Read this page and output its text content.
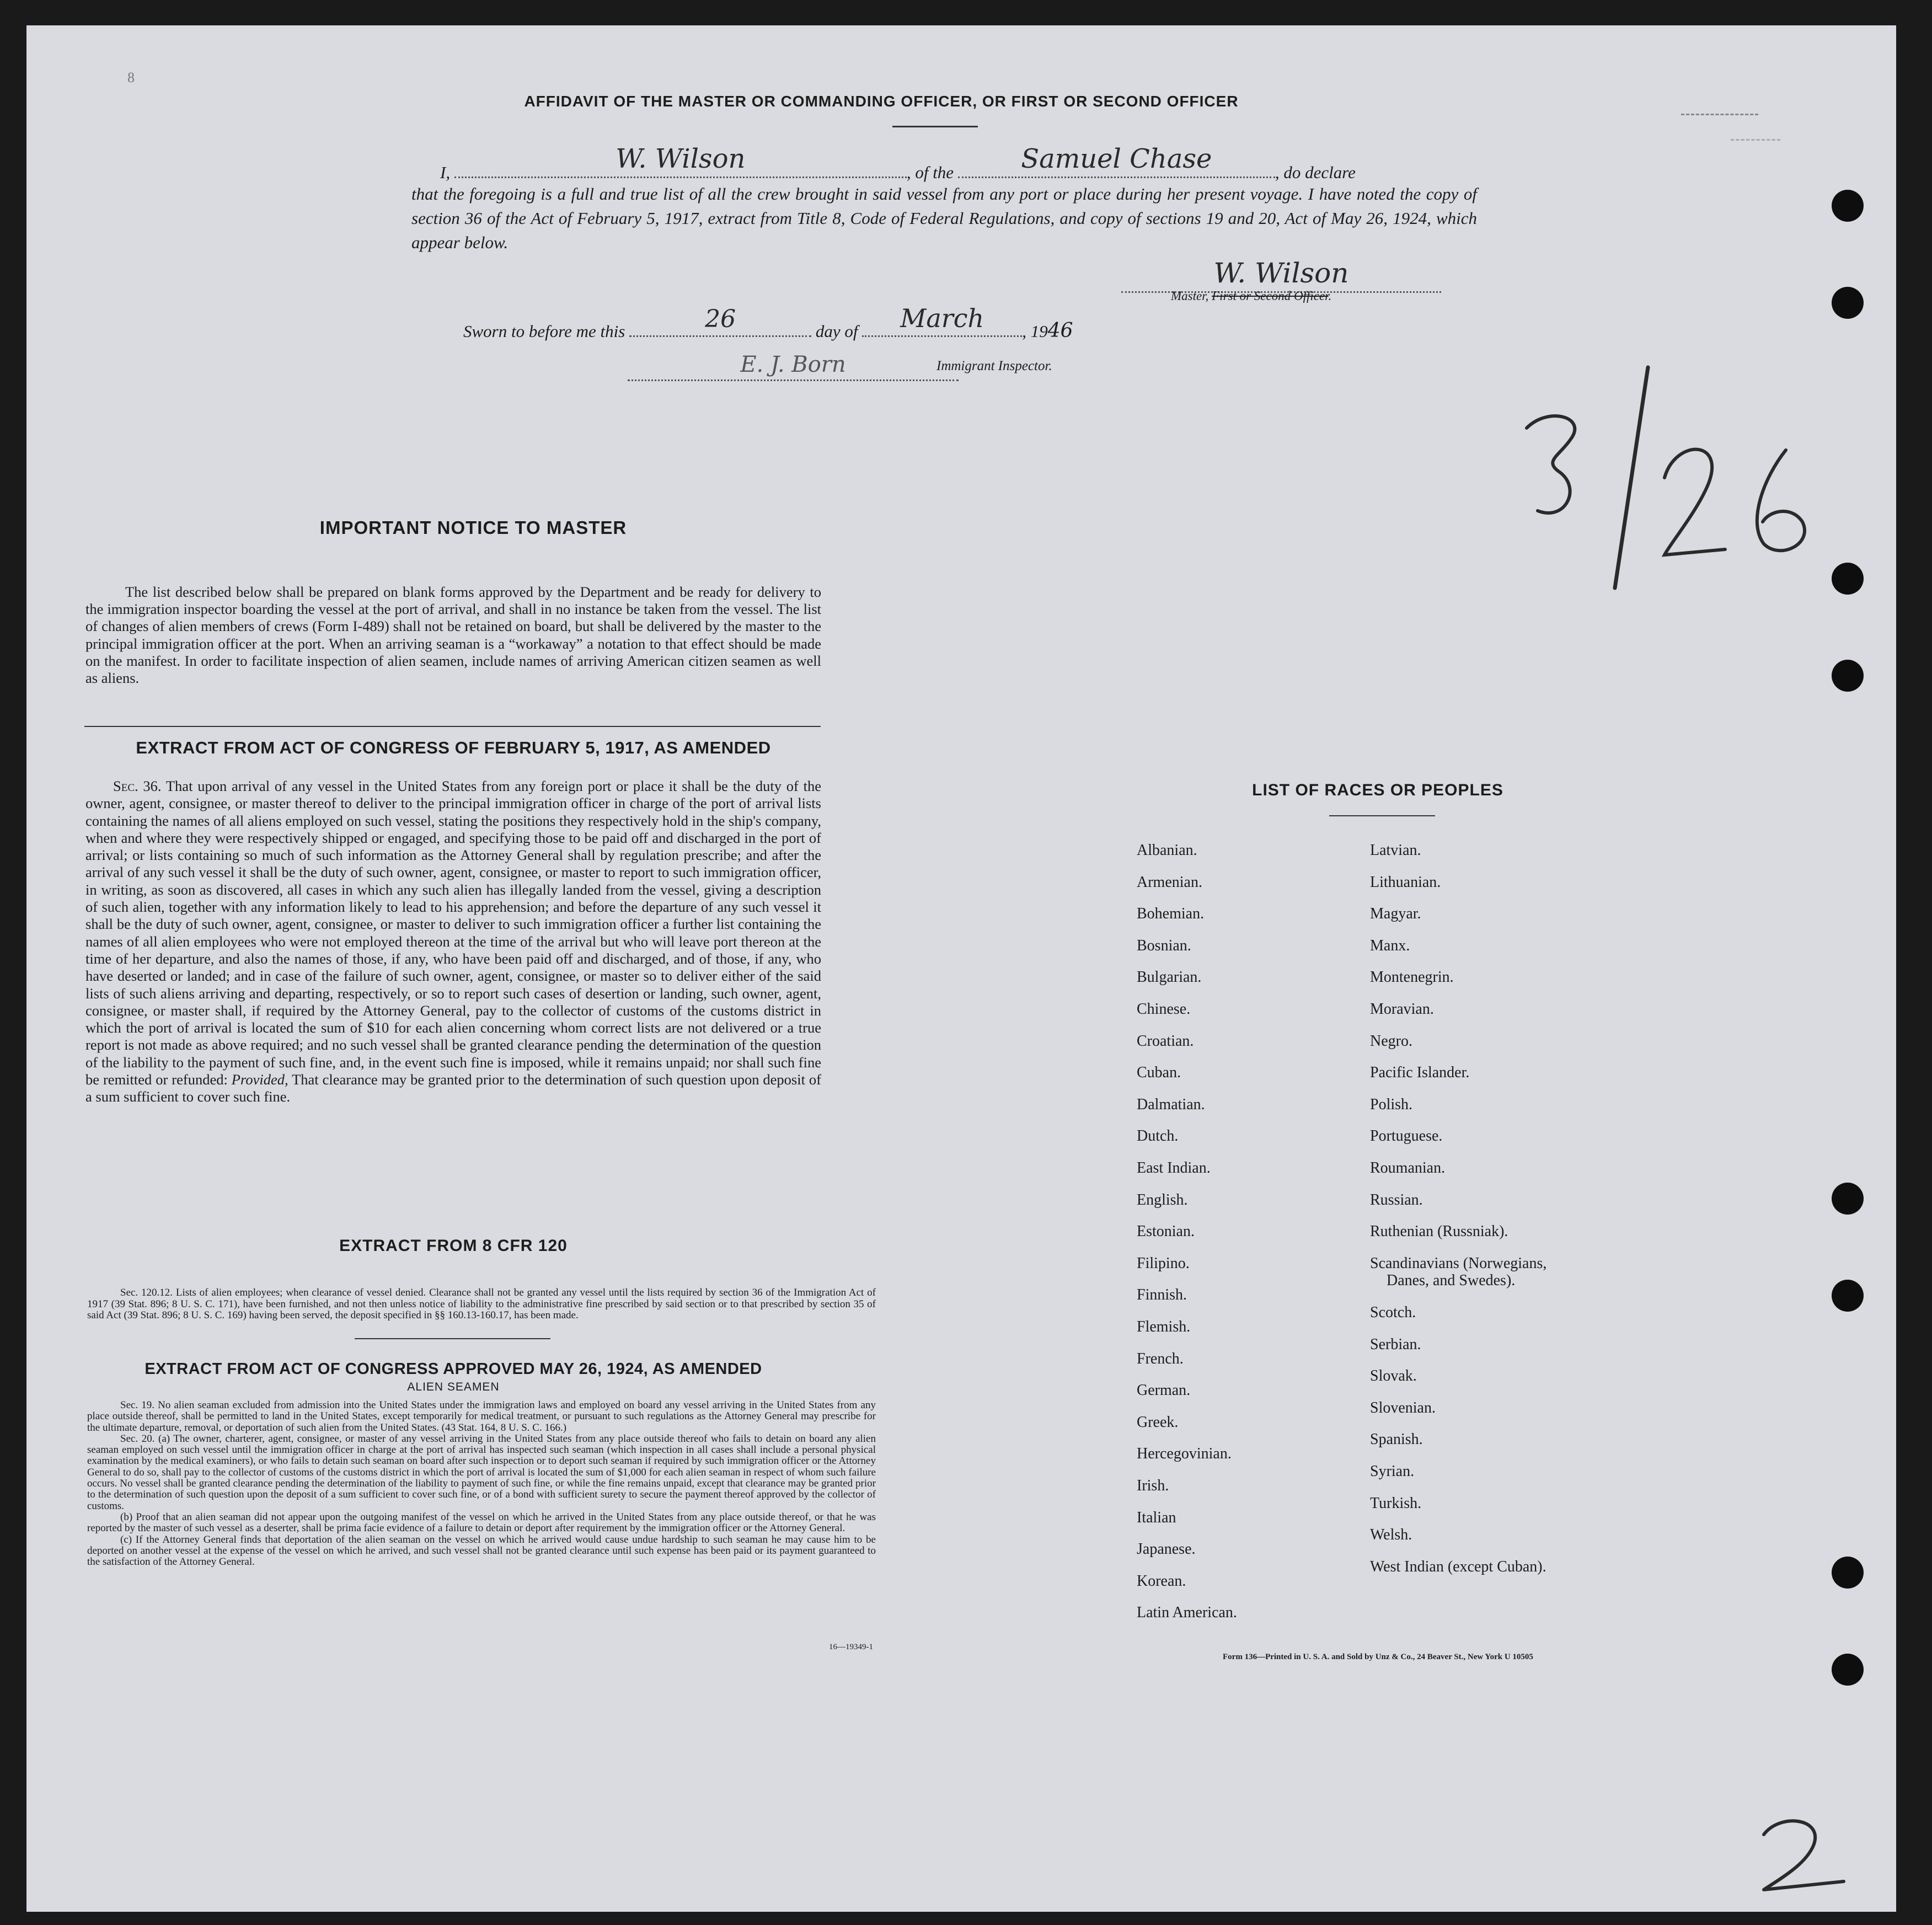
8
AFFIDAVIT OF THE MASTER OR COMMANDING OFFICER, OR FIRST OR SECOND OFFICER
I,	W. Wilson	, of the	Samuel Chase	, do declare
that the foregoing is a full and true list of all the crew brought in said vessel from any port or place during her present voyage. I have noted the copy of section 36 of the Act of February 5, 1917, extract from Title 8, Code of Federal Regulations, and copy of sections 19 and 20, Act of May 26, 1924, which appear below.
W. Wilson
Master, First or Second Officer.
Sworn to before me this	26	day of March , 1946
E. J. Born	Immigrant Inspector.
IMPORTANT NOTICE TO MASTER
The list described below shall be prepared on blank forms approved by the Department and be ready for delivery to the immigration inspector boarding the vessel at the port of arrival, and shall in no instance be taken from the vessel. The list of changes of alien members of crews (Form I-489) shall not be retained on board, but shall be delivered by the master to the principal immigration officer at the port. When an arriving seaman is a “workaway” a notation to that effect should be made on the manifest. In order to facilitate inspection of alien seamen, include names of arriving American citizen seamen as well as aliens.
EXTRACT FROM ACT OF CONGRESS OF FEBRUARY 5, 1917, AS AMENDED
Sec. 36. That upon arrival of any vessel in the United States from any foreign port or place it shall be the duty of the owner, agent, consignee, or master thereof to deliver to the principal immigration officer in charge of the port of arrival lists containing the names of all aliens employed on such vessel, stating the positions they respectively hold in the ship's company, when and where they were respectively shipped or engaged, and specifying those to be paid off and discharged in the port of arrival; or lists containing so much of such information as the Attorney General shall by regulation prescribe; and after the arrival of any such vessel it shall be the duty of such owner, agent, consignee, or master to report to such immigration officer, in writing, as soon as discovered, all cases in which any such alien has illegally landed from the vessel, giving a description of such alien, together with any information likely to lead to his apprehension; and before the departure of any such vessel it shall be the duty of such owner, agent, consignee, or master to deliver to such immigration officer a further list containing the names of all alien employees who were not employed thereon at the time of the arrival but who will leave port thereon at the time of her departure, and also the names of those, if any, who have been paid off and discharged, and of those, if any, who have deserted or landed; and in case of the failure of such owner, agent, consignee, or master so to deliver either of the said lists of such aliens arriving and departing, respectively, or so to report such cases of desertion or landing, such owner, agent, consignee, or master shall, if required by the Attorney General, pay to the collector of customs of the customs district in which the port of arrival is located the sum of $10 for each alien concerning whom correct lists are not delivered or a true report is not made as above required; and no such vessel shall be granted clearance pending the determination of the question of the liability to the payment of such fine, and, in the event such fine is imposed, while it remains unpaid; nor shall such fine be remitted or refunded: Provided, That clearance may be granted prior to the determination of such question upon deposit of a sum sufficient to cover such fine.
EXTRACT FROM 8 CFR 120
Sec. 120.12. Lists of alien employees; when clearance of vessel denied. Clearance shall not be granted any vessel until the lists required by section 36 of the Immigration Act of 1917 (39 Stat. 896; 8 U. S. C. 171), have been furnished, and not then unless notice of liability to the administrative fine prescribed by said section or to that prescribed by section 35 of said Act (39 Stat. 896; 8 U. S. C. 169) having been served, the deposit specified in §§ 160.13-160.17, has been made.
EXTRACT FROM ACT OF CONGRESS APPROVED MAY 26, 1924, AS AMENDED
ALIEN SEAMEN
Sec. 19. No alien seaman excluded from admission into the United States under the immigration laws and employed on board any vessel arriving in the United States from any place outside thereof, shall be permitted to land in the United States, except temporarily for medical treatment, or pursuant to such regulations as the Attorney General may prescribe for the ultimate departure, removal, or deportation of such alien from the United States. (43 Stat. 164, 8 U. S. C. 166.)
Sec. 20. (a) The owner, charterer, agent, consignee, or master of any vessel arriving in the United States from any place outside thereof who fails to detain on board any alien seaman employed on such vessel until the immigration officer in charge at the port of arrival has inspected such seaman (which inspection in all cases shall include a personal physical examination by the medical examiners), or who fails to detain such seaman on board after such inspection or to deport such seaman if required by such immigration officer or the Attorney General to do so, shall pay to the collector of customs of the customs district in which the port of arrival is located the sum of $1,000 for each alien seaman in respect of whom such failure occurs. No vessel shall be granted clearance pending the determination of the liability to payment of such fine, or while the fine remains unpaid, except that clearance may be granted prior to the determination of such question upon the deposit of a sum sufficient to cover such fine, or of a bond with sufficient surety to secure the payment thereof approved by the collector of customs.
(b) Proof that an alien seaman did not appear upon the outgoing manifest of the vessel on which he arrived in the United States from any place outside thereof, or that he was reported by the master of such vessel as a deserter, shall be prima facie evidence of a failure to detain or deport after requirement by the immigration officer or the Attorney General.
(c) If the Attorney General finds that deportation of the alien seaman on the vessel on which he arrived would cause undue hardship to such seaman he may cause him to be deported on another vessel at the expense of the vessel on which he arrived, and such vessel shall not be granted clearance until such expense has been paid or its payment guaranteed to the satisfaction of the Attorney General.
16—19349-1
LIST OF RACES OR PEOPLES
Albanian.
Armenian.
Bohemian.
Bosnian.
Bulgarian.
Chinese.
Croatian.
Cuban.
Dalmatian.
Dutch.
East Indian.
English.
Estonian.
Filipino.
Finnish.
Flemish.
French.
German.
Greek.
Hercegovinian.
Irish.
Italian
Japanese.
Korean.
Latin American.
Latvian.
Lithuanian.
Magyar.
Manx.
Montenegrin.
Moravian.
Negro.
Pacific Islander.
Polish.
Portuguese.
Roumanian.
Russian.
Ruthenian (Russniak).
Scandinavians (Norwegians,
Danes, and Swedes).
Scotch.
Serbian.
Slovak.
Slovenian.
Spanish.
Syrian.
Turkish.
Welsh.
West Indian (except Cuban).
Form 136—Printed in U. S. A. and Sold by Unz & Co., 24 Beaver St., New York U 10505
